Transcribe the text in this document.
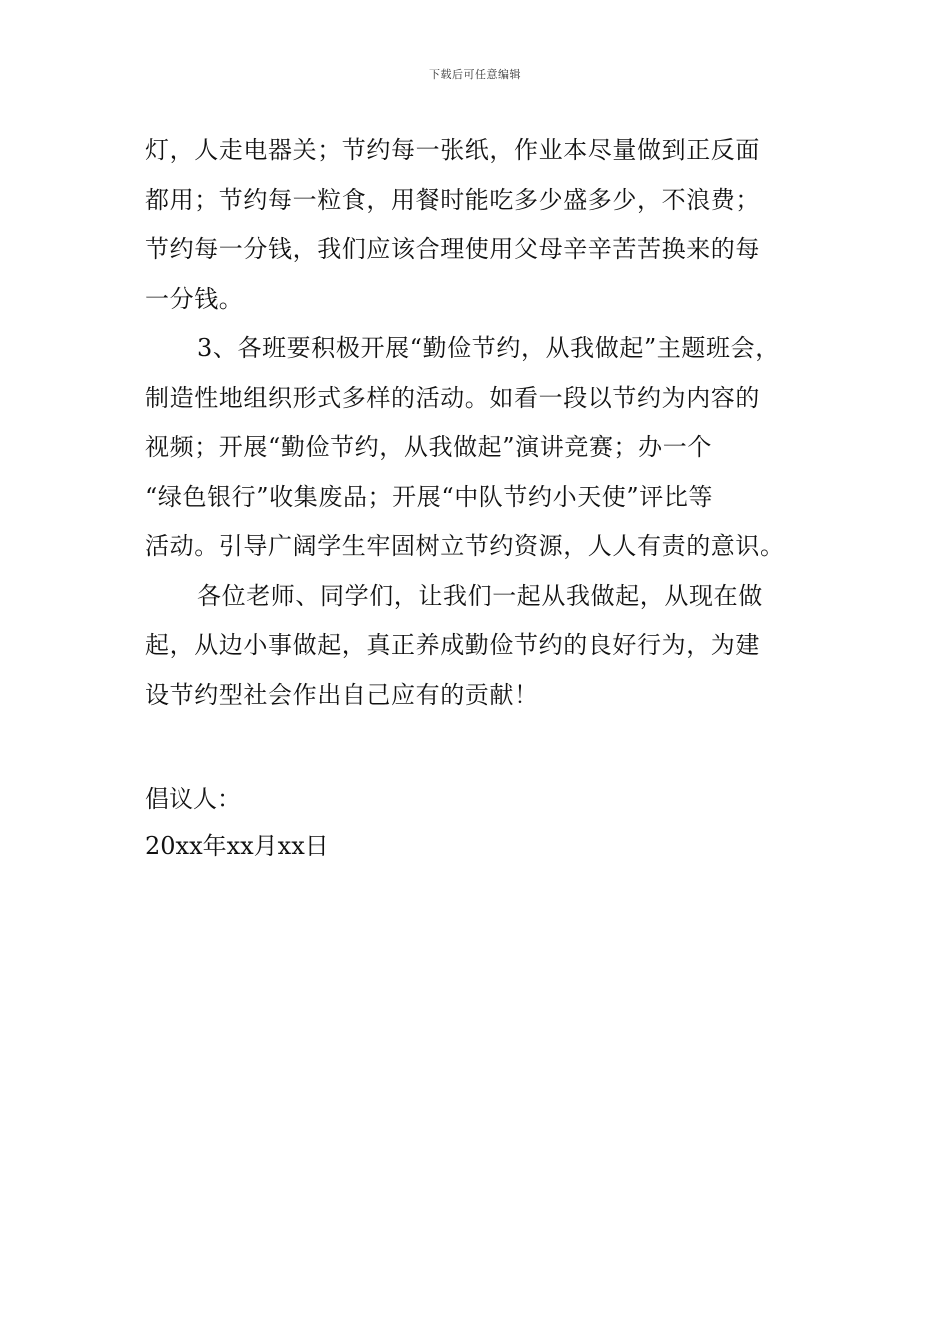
下载后可任意编辑
灯，人走电器关；节约每一张纸，作业本尽量做到正反面
都用；节约每一粒食，用餐时能吃多少盛多少，不浪费；
节约每一分钱，我们应该合理使用父母辛辛苦苦换来的每
一分钱。
3、各班要积极开展“勤俭节约，从我做起”主题班会，
制造性地组织形式多样的活动。如看一段以节约为内容的
视频；开展“勤俭节约，从我做起”演讲竞赛；办一个
“绿色银行”收集废品；开展“中队节约小天使”评比等
活动。引导广阔学生牢固树立节约资源，人人有责的意识。
各位老师、同学们，让我们一起从我做起，从现在做
起，从边小事做起，真正养成勤俭节约的良好行为，为建
设节约型社会作出自己应有的贡献！
倡议人：
20xx年xx月xx日
